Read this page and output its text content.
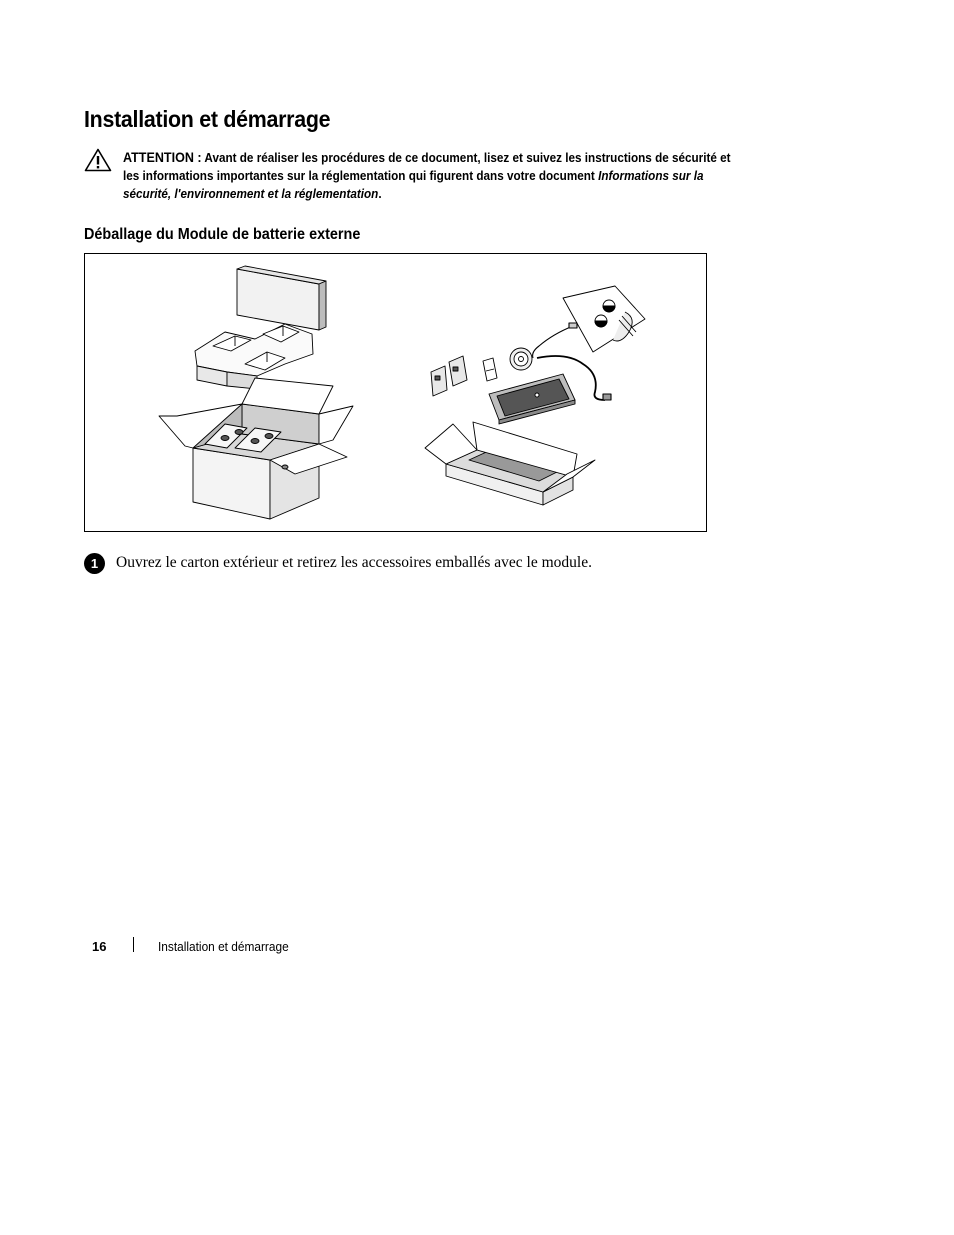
Installation et démarrage
ATTENTION : Avant de réaliser les procédures de ce document, lisez et suivez les instructions de sécurité et les informations importantes sur la réglementation qui figurent dans votre document Informations sur la sécurité, l'environnement et la réglementation.
Déballage du Module de batterie externe
1	Ouvrez le carton extérieur et retirez les accessoires emballés avec le module.
16	Installation et démarrage
